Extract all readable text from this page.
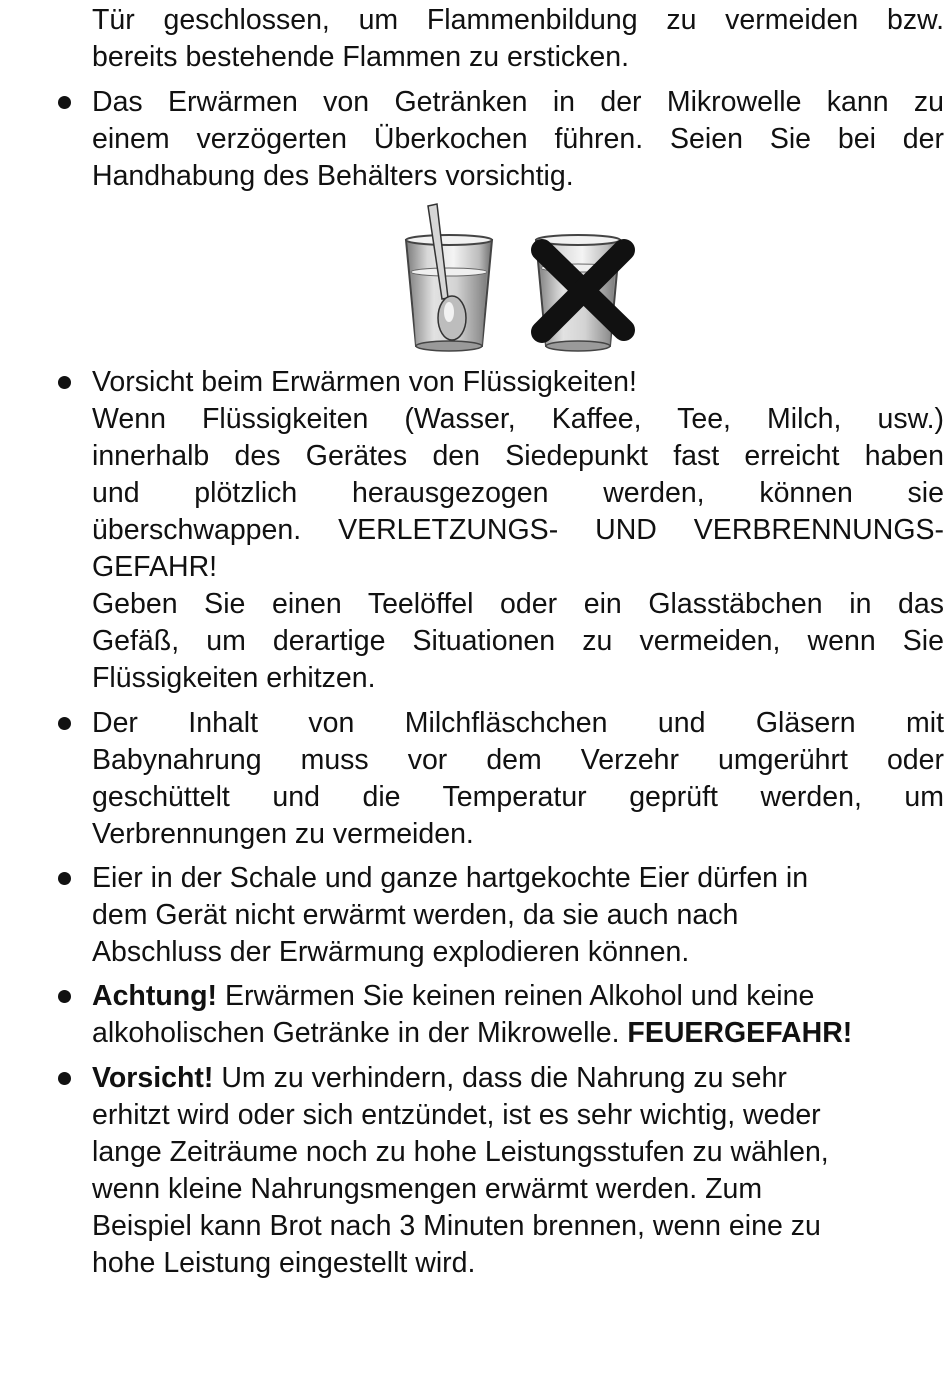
Tür geschlossen, um Flammenbildung zu vermeiden bzw.
bereits bestehende Flammen zu ersticken.

Das Erwärmen von Getränken in der Mikrowelle kann zu
einem verzögerten Überkochen führen. Seien Sie bei der
Handhabung des Behälters vorsichtig.

Vorsicht beim Erwärmen von Flüssigkeiten!
Wenn Flüssigkeiten (Wasser, Kaffee, Tee, Milch, usw.)
innerhalb des Gerätes den Siedepunkt fast erreicht haben
und plötzlich herausgezogen werden, können sie
überschwappen. VERLETZUNGS- UND VERBRENNUNGS-
GEFAHR!
Geben Sie einen Teelöffel oder ein Glasstäbchen in das
Gefäß, um derartige Situationen zu vermeiden, wenn Sie
Flüssigkeiten erhitzen.

Der Inhalt von Milchfläschchen und Gläsern mit
Babynahrung muss vor dem Verzehr umgerührt oder
geschüttelt und die Temperatur geprüft werden, um
Verbrennungen zu vermeiden.

Eier in der Schale und ganze hartgekochte Eier dürfen in
dem Gerät nicht erwärmt werden, da sie auch nach
Abschluss der Erwärmung explodieren können.

Achtung! Erwärmen Sie keinen reinen Alkohol und keine
alkoholischen Getränke in der Mikrowelle. FEUERGEFAHR!

Vorsicht! Um zu verhindern, dass die Nahrung zu sehr
erhitzt wird oder sich entzündet, ist es sehr wichtig, weder
lange Zeiträume noch zu hohe Leistungsstufen zu wählen,
wenn kleine Nahrungsmengen erwärmt werden. Zum
Beispiel kann Brot nach 3 Minuten brennen, wenn eine zu
hohe Leistung eingestellt wird.
